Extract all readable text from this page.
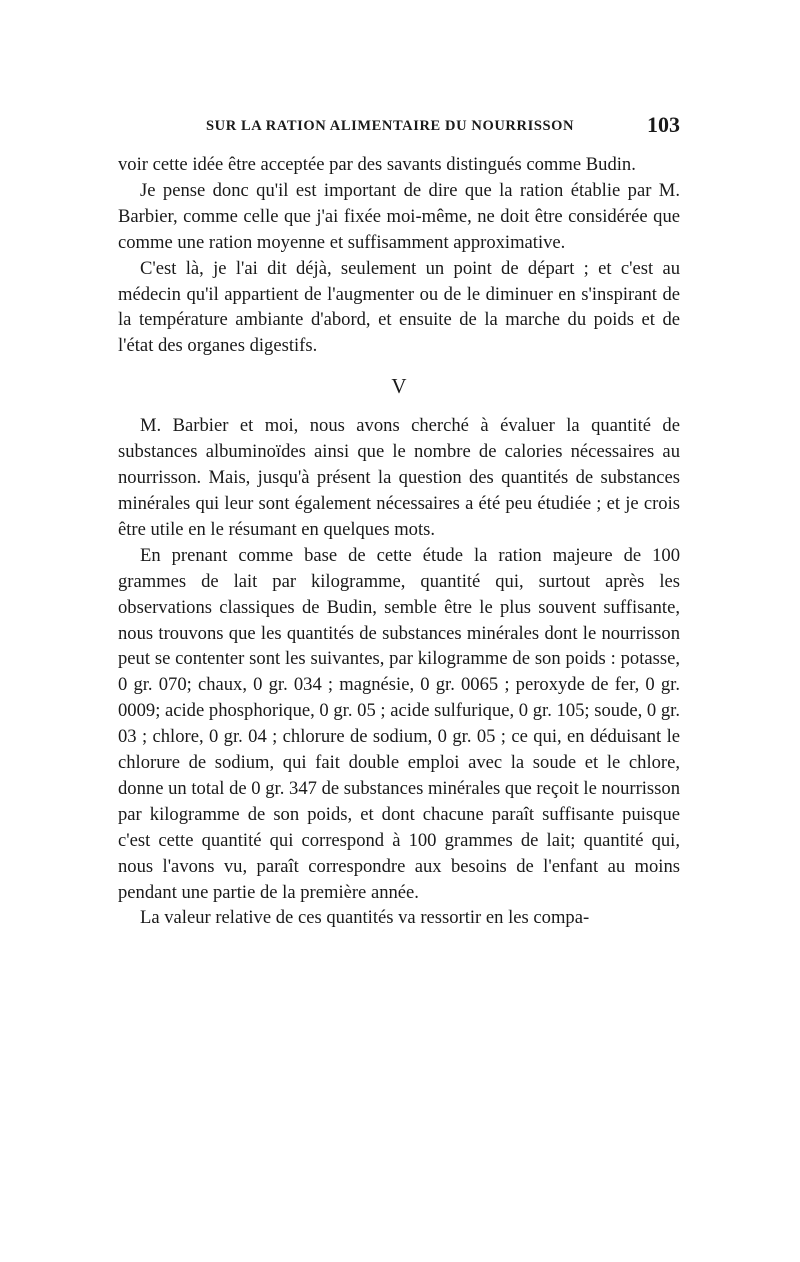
SUR LA RATION ALIMENTAIRE DU NOURRISSON	103

voir cette idée être acceptée par des savants distingués comme Budin.

Je pense donc qu'il est important de dire que la ration établie par M. Barbier, comme celle que j'ai fixée moi-même, ne doit être considérée que comme une ration moyenne et suffisamment approximative.

C'est là, je l'ai dit déjà, seulement un point de départ ; et c'est au médecin qu'il appartient de l'augmenter ou de le diminuer en s'inspirant de la température ambiante d'abord, et ensuite de la marche du poids et de l'état des organes digestifs.

V

M. Barbier et moi, nous avons cherché à évaluer la quantité de substances albuminoïdes ainsi que le nombre de calories nécessaires au nourrisson. Mais, jusqu'à présent la question des quantités de substances minérales qui leur sont également nécessaires a été peu étudiée ; et je crois être utile en le résumant en quelques mots.

En prenant comme base de cette étude la ration majeure de 100 grammes de lait par kilogramme, quantité qui, surtout après les observations classiques de Budin, semble être le plus souvent suffisante, nous trouvons que les quantités de substances minérales dont le nourrisson peut se contenter sont les suivantes, par kilogramme de son poids : potasse, 0 gr. 070; chaux, 0 gr. 034 ; magnésie, 0 gr. 0065 ; peroxyde de fer, 0 gr. 0009; acide phosphorique, 0 gr. 05 ; acide sulfurique, 0 gr. 105; soude, 0 gr. 03 ; chlore, 0 gr. 04 ; chlorure de sodium, 0 gr. 05 ; ce qui, en déduisant le chlorure de sodium, qui fait double emploi avec la soude et le chlore, donne un total de 0 gr. 347 de substances minérales que reçoit le nourrisson par kilogramme de son poids, et dont chacune paraît suffisante puisque c'est cette quantité qui correspond à 100 grammes de lait; quantité qui, nous l'avons vu, paraît correspondre aux besoins de l'enfant au moins pendant une partie de la première année.

La valeur relative de ces quantités va ressortir en les compa-
